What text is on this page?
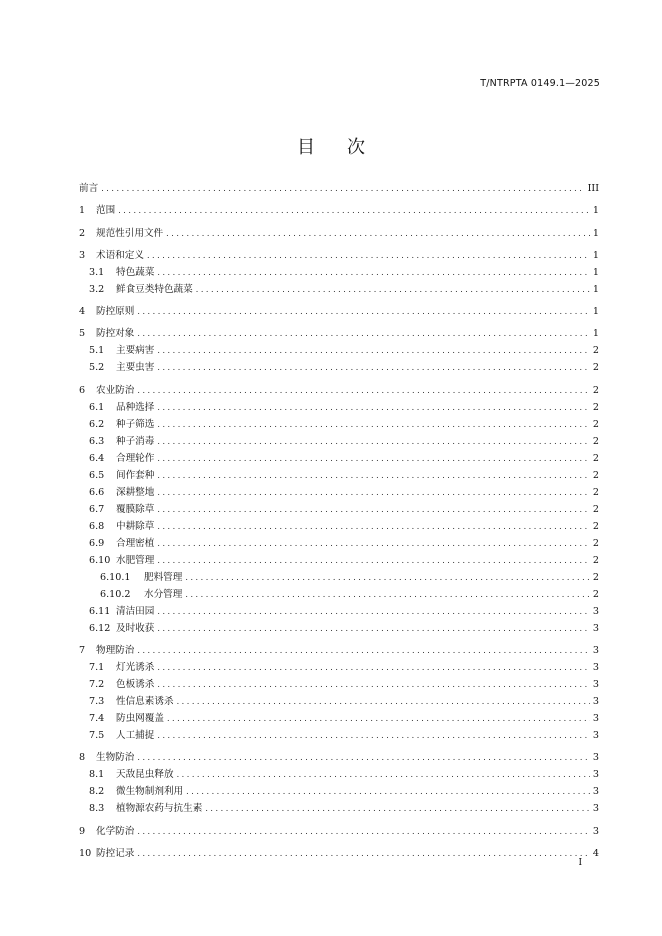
T/NTRPTA 0149.1—2025
目次
前言 . . .	III
1	范围 . . .	1
2	规范性引用文件 . . .	1
3	术语和定义 . . .	1
3.1	特色蔬菜 . . .	1
3.2	鲜食豆类特色蔬菜 . . .	1
4	防控原则 . . .	1
5	防控对象 . . .	1
5.1	主要病害 . . .	2
5.2	主要虫害 . . .	2
6	农业防治 . . .	2
6.1	品种选择 . . .	2
6.2	种子筛选 . . .	2
6.3	种子消毒 . . .	2
6.4	合理轮作 . . .	2
6.5	间作套种 . . .	2
6.6	深耕整地 . . .	2
6.7	覆膜除草 . . .	2
6.8	中耕除草 . . .	2
6.9	合理密植 . . .	2
6.10 水肥管理 . . .	2
6.10.1	肥料管理 . . .	2
6.10.2	水分管理 . . .	2
6.11 清洁田园 . . .	3
6.12 及时收获 . . .	3
7	物理防治 . . .	3
7.1	灯光诱杀 . . .	3
7.2	色板诱杀 . . .	3
7.3	性信息素诱杀 . . .	3
7.4	防虫网覆盖 . . .	3
7.5	人工捕捉 . . .	3
8	生物防治 . . .	3
8.1	天敌昆虫释放 . . .	3
8.2	微生物制剂利用 . . .	3
8.3	植物源农药与抗生素 . . .	3
9	化学防治 . . .	3
10 防控记录 . . .	4
I
